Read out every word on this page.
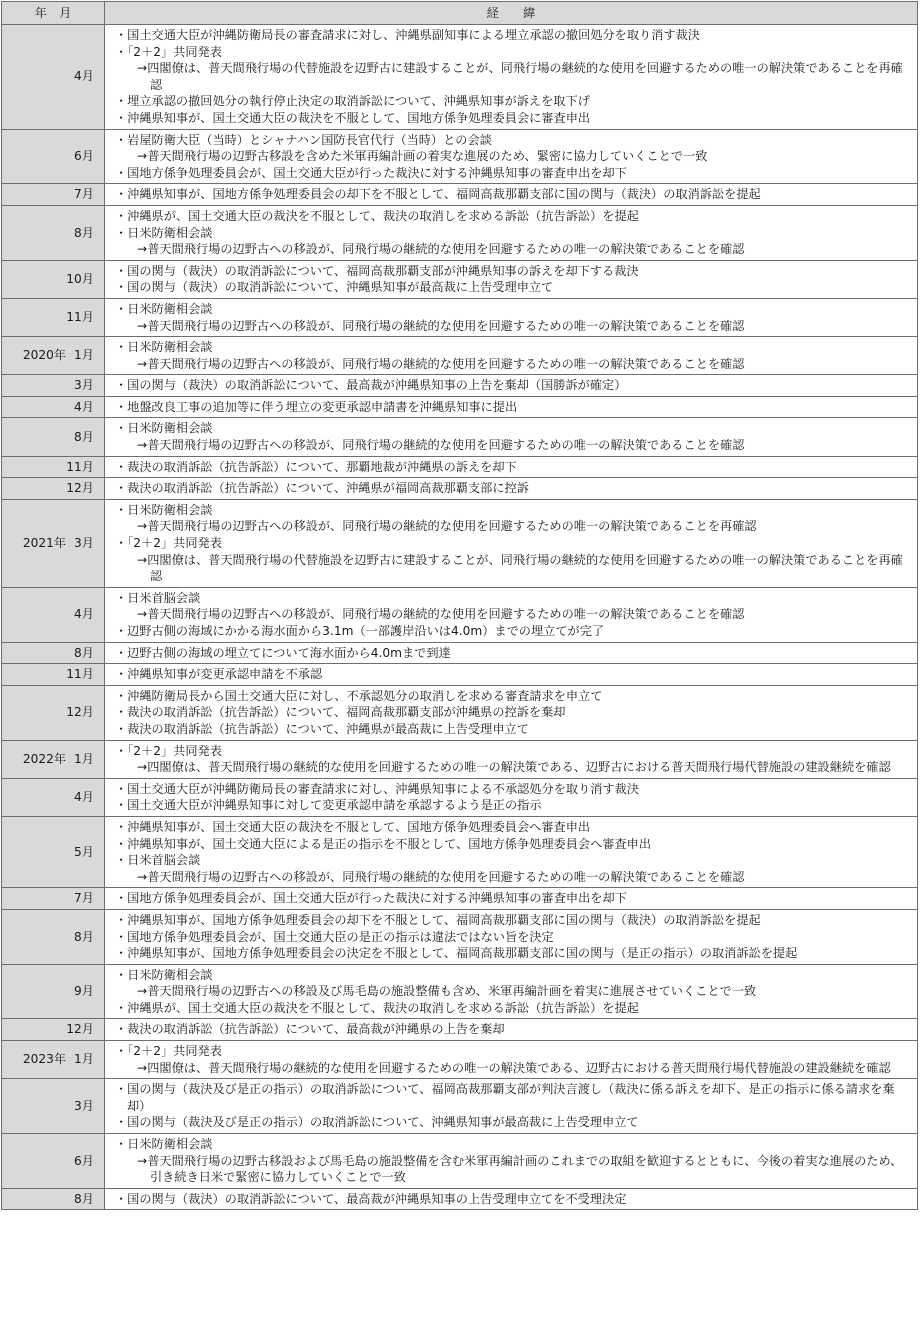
年　月	経　　緯
4月	・国土交通大臣が沖縄防衛局長の審査請求に対し、沖縄県副知事による埋立承認の撤回処分を取り消す裁決
・「2＋2」共同発表
→四閣僚は、普天間飛行場の代替施設を辺野古に建設することが、同飛行場の継続的な使用を回避するための唯一の解決策であることを再確認
・埋立承認の撤回処分の執行停止決定の取消訴訟について、沖縄県知事が訴えを取下げ
・沖縄県知事が、国土交通大臣の裁決を不服として、国地方係争処理委員会に審査申出

6月	・岩屋防衛大臣（当時）とシャナハン国防長官代行（当時）との会談
→普天間飛行場の辺野古移設を含めた米軍再編計画の着実な進展のため、緊密に協力していくことで一致
・国地方係争処理委員会が、国土交通大臣が行った裁決に対する沖縄県知事の審査申出を却下

7月	・沖縄県知事が、国地方係争処理委員会の却下を不服として、福岡高裁那覇支部に国の関与（裁決）の取消訴訟を提起

8月	・沖縄県が、国土交通大臣の裁決を不服として、裁決の取消しを求める訴訟（抗告訴訟）を提起
・日米防衛相会談
→普天間飛行場の辺野古への移設が、同飛行場の継続的な使用を回避するための唯一の解決策であることを確認

10月	・国の関与（裁決）の取消訴訟について、福岡高裁那覇支部が沖縄県知事の訴えを却下する裁決
・国の関与（裁決）の取消訴訟について、沖縄県知事が最高裁に上告受理申立て

11月	・日米防衛相会談
→普天間飛行場の辺野古への移設が、同飛行場の継続的な使用を回避するための唯一の解決策であることを確認

2020年 1月	・日米防衛相会談
→普天間飛行場の辺野古への移設が、同飛行場の継続的な使用を回避するための唯一の解決策であることを確認

3月	・国の関与（裁決）の取消訴訟について、最高裁が沖縄県知事の上告を棄却（国勝訴が確定）

4月	・地盤改良工事の追加等に伴う埋立の変更承認申請書を沖縄県知事に提出

8月	・日米防衛相会談
→普天間飛行場の辺野古への移設が、同飛行場の継続的な使用を回避するための唯一の解決策であることを確認

11月	・裁決の取消訴訟（抗告訴訟）について、那覇地裁が沖縄県の訴えを却下

12月	・裁決の取消訴訟（抗告訴訟）について、沖縄県が福岡高裁那覇支部に控訴

2021年 3月	・日米防衛相会談
→普天間飛行場の辺野古への移設が、同飛行場の継続的な使用を回避するための唯一の解決策であることを再確認
・「2＋2」共同発表
→四閣僚は、普天間飛行場の代替施設を辺野古に建設することが、同飛行場の継続的な使用を回避するための唯一の解決策であることを再確認

4月	・日米首脳会談
→普天間飛行場の辺野古への移設が、同飛行場の継続的な使用を回避するための唯一の解決策であることを確認
・辺野古側の海域にかかる海水面から3.1m（一部護岸沿いは4.0m）までの埋立てが完了

8月	・辺野古側の海域の埋立てについて海水面から4.0mまで到達

11月	・沖縄県知事が変更承認申請を不承認

12月	・沖縄防衛局長から国土交通大臣に対し、不承認処分の取消しを求める審査請求を申立て
・裁決の取消訴訟（抗告訴訟）について、福岡高裁那覇支部が沖縄県の控訴を棄却
・裁決の取消訴訟（抗告訴訟）について、沖縄県が最高裁に上告受理申立て

2022年 1月	・「2＋2」共同発表
→四閣僚は、普天間飛行場の継続的な使用を回避するための唯一の解決策である、辺野古における普天間飛行場代替施設の建設継続を確認

4月	・国土交通大臣が沖縄防衛局長の審査請求に対し、沖縄県知事による不承認処分を取り消す裁決
・国土交通大臣が沖縄県知事に対して変更承認申請を承認するよう是正の指示

5月	・沖縄県知事が、国土交通大臣の裁決を不服として、国地方係争処理委員会へ審査申出
・沖縄県知事が、国土交通大臣による是正の指示を不服として、国地方係争処理委員会へ審査申出
・日米首脳会談
→普天間飛行場の辺野古への移設が、同飛行場の継続的な使用を回避するための唯一の解決策であることを確認

7月	・国地方係争処理委員会が、国土交通大臣が行った裁決に対する沖縄県知事の審査申出を却下

8月	・沖縄県知事が、国地方係争処理委員会の却下を不服として、福岡高裁那覇支部に国の関与（裁決）の取消訴訟を提起
・国地方係争処理委員会が、国土交通大臣の是正の指示は違法ではない旨を決定
・沖縄県知事が、国地方係争処理委員会の決定を不服として、福岡高裁那覇支部に国の関与（是正の指示）の取消訴訟を提起

9月	・日米防衛相会談
→普天間飛行場の辺野古への移設及び馬毛島の施設整備も含め、米軍再編計画を着実に進展させていくことで一致
・沖縄県が、国土交通大臣の裁決を不服として、裁決の取消しを求める訴訟（抗告訴訟）を提起

12月	・裁決の取消訴訟（抗告訴訟）について、最高裁が沖縄県の上告を棄却

2023年 1月	・「2＋2」共同発表
→四閣僚は、普天間飛行場の継続的な使用を回避するための唯一の解決策である、辺野古における普天間飛行場代替施設の建設継続を確認

3月	・国の関与（裁決及び是正の指示）の取消訴訟について、福岡高裁那覇支部が判決言渡し（裁決に係る訴えを却下、是正の指示に係る請求を棄却）
・国の関与（裁決及び是正の指示）の取消訴訟について、沖縄県知事が最高裁に上告受理申立て

6月	・日米防衛相会談
→普天間飛行場の辺野古移設および馬毛島の施設整備を含む米軍再編計画のこれまでの取組を歓迎するとともに、今後の着実な進展のため、引き続き日米で緊密に協力していくことで一致

8月	・国の関与（裁決）の取消訴訟について、最高裁が沖縄県知事の上告受理申立てを不受理決定
